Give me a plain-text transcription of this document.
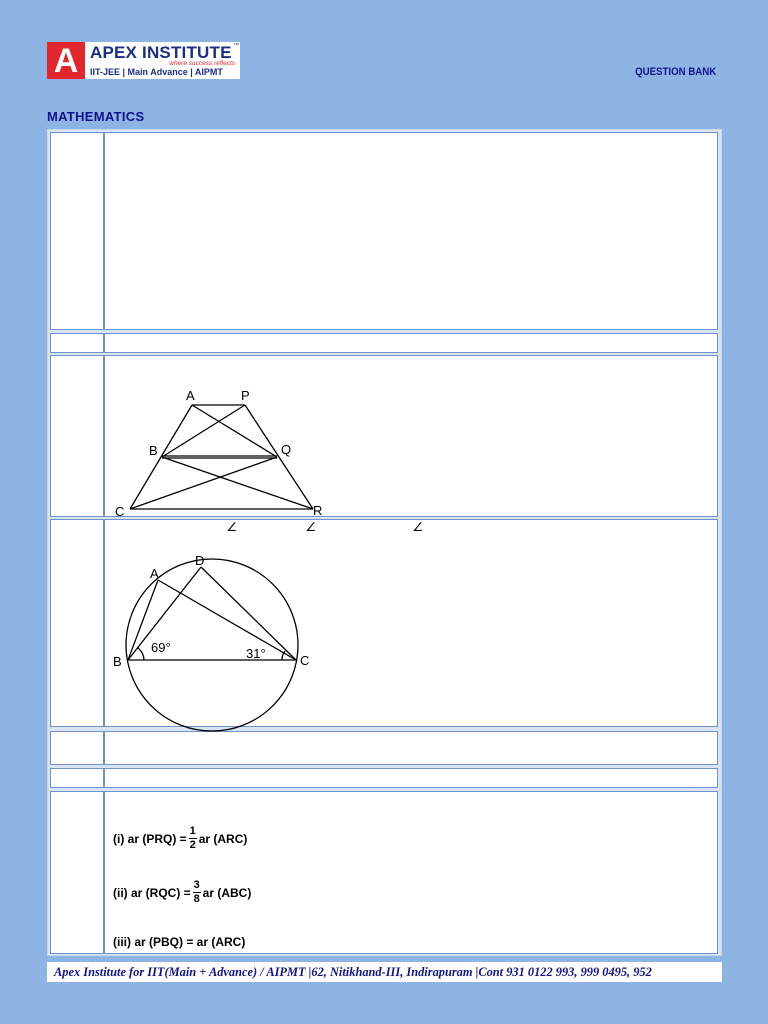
A APEX INSTITUTE ™
where success reflects
IIT-JEE | Main Advance | AIPMT	QUESTION BANK
MATHEMATICS
A	P
B	Q
C	R
∠	∠	∠
A
D
B	C
69°	31°
(i) ar $(PRQ) = \frac{1}{2}$ ar (ARC)
(ii) ar $(RQC) = \frac{3}{8}$ ar (ABC)
(iii) ar (PBQ) = ar (ARC)
Apex Institute for IIT(Main + Advance) / AIPMT |62, Nitikhand-III, Indirapuram |Cont 931 0122 993, 999 0495, 952
